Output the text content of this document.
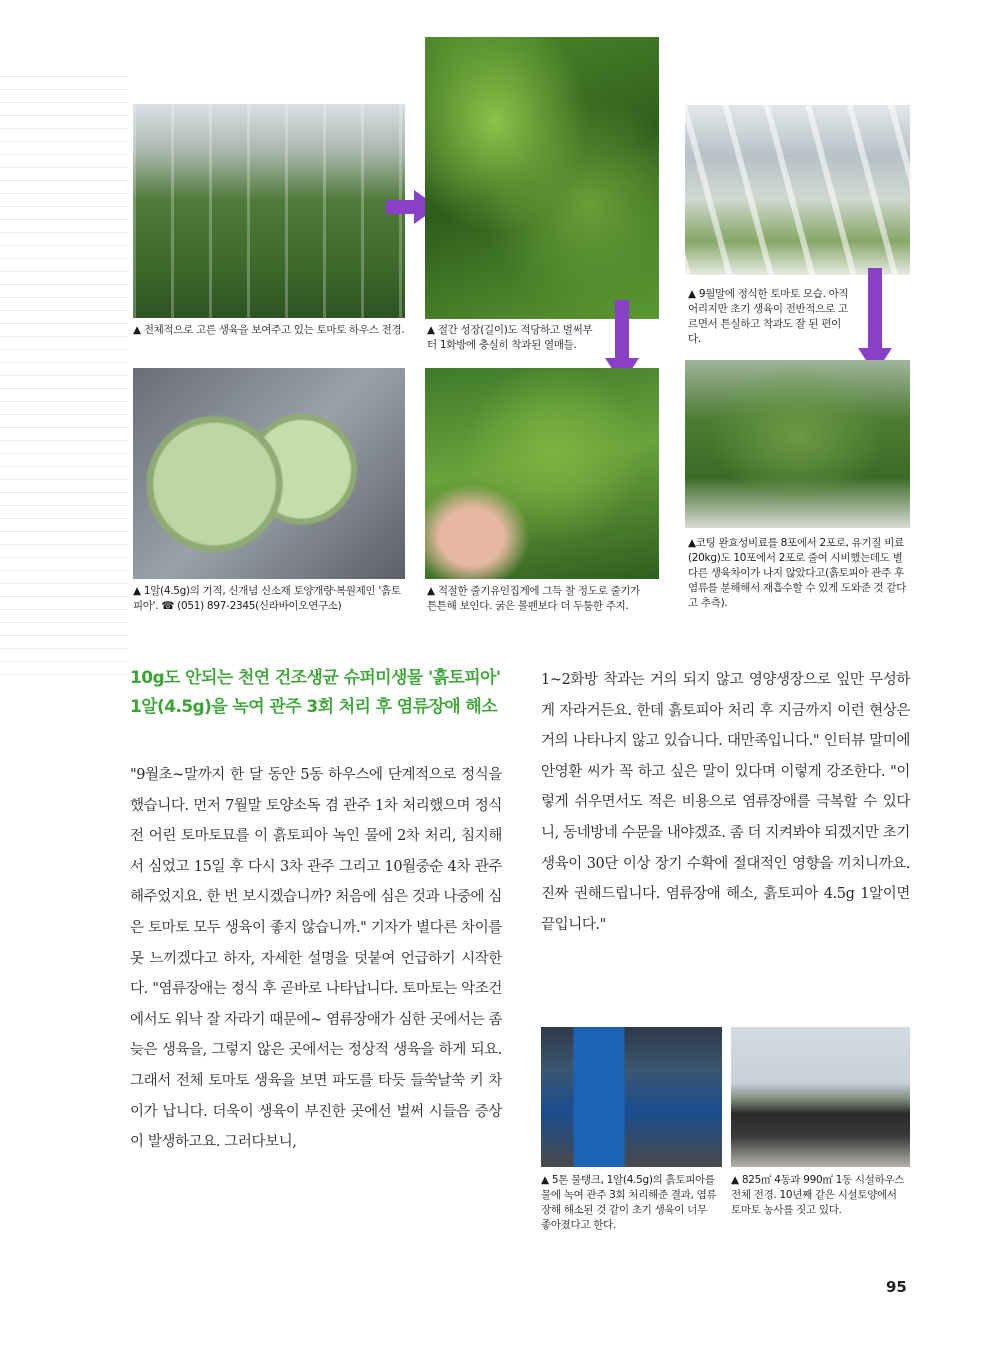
▲ 전체적으로 고른 생육을 보여주고 있는 토마토 하우스 전경.	▲ 절간 성장(길이)도 적당하고 벌써부터 1화방에 충실히 착과된 열매들.
▲ 9월말에 정식한 토마토 모습. 아직 어리지만 초기 생육이 전반적으로 고르면서 튼실하고 착과도 잘 된 편이다.
▲ 1알(4.5g)의 기적, 신개념 신소재 토양개량·복원제인 '흙토피아'. ☎ (051) 897-2345(신라바이오연구소)
▲ 적절한 줄기유인집게에 그득 찰 정도로 줄기가 튼튼해 보인다. 굵은 볼펜보다 더 두툼한 주지.
▲코팅 완효성비료를 8포에서 2포로, 유기질 비료(20kg)도 10포에서 2포로 줄여 시비했는데도 별다른 생육차이가 나지 않았다고(흙토피아 관주 후 염류를 분해해서 재흡수할 수 있게 도와준 것 같다고 추측).
10g도 안되는 천연 건조생균 슈퍼미생물 '흙토피아' 1알(4.5g)을 녹여 관주 3회 처리 후 염류장애 해소
"9월초~말까지 한 달 동안 5동 하우스에 단계적으로 정식을 했습니다. 먼저 7월말 토양소독 겸 관주 1차 처리했으며 정식 전 어린 토마토묘를 이 흙토피아 녹인 물에 2차 처리, 침지해서 심었고 15일 후 다시 3차 관주 그리고 10월중순 4차 관주해주었지요. 한 번 보시겠습니까? 처음에 심은 것과 나중에 심은 토마토 모두 생육이 좋지 않습니까." 기자가 별다른 차이를 못 느끼겠다고 하자, 자세한 설명을 덧붙여 언급하기 시작한다. "염류장애는 정식 후 곧바로 나타납니다. 토마토는 악조건에서도 워낙 잘 자라기 때문에~ 염류장애가 심한 곳에서는 좀 늦은 생육을, 그렇지 않은 곳에서는 정상적 생육을 하게 되요. 그래서 전체 토마토 생육을 보면 파도를 타듯 들쑥날쑥 키 차이가 납니다. 더욱이 생육이 부진한 곳에선 벌써 시들음 증상이 발생하고요. 그러다보니,
1~2화방 착과는 거의 되지 않고 영양생장으로 잎만 무성하게 자라거든요. 한데 흙토피아 처리 후 지금까지 이런 현상은 거의 나타나지 않고 있습니다. 대만족입니다." 인터뷰 말미에 안영환 씨가 꼭 하고 싶은 말이 있다며 이렇게 강조한다. "이렇게 쉬우면서도 적은 비용으로 염류장애를 극복할 수 있다니, 동네방네 수문을 내야겠죠. 좀 더 지켜봐야 되겠지만 초기 생육이 30단 이상 장기 수확에 절대적인 영향을 끼치니까요. 진짜 권해드립니다. 염류장애 해소, 흙토피아 4.5g 1알이면 끝입니다."
▲ 5톤 물탱크, 1알(4.5g)의 흙토피아를 물에 녹여 관주 3회 처리해준 결과, 염류장해 해소된 것 같이 초기 생육이 너무 좋아졌다고 한다.
▲ 825㎡ 4동과 990㎡ 1동 시설하우스 전체 전경. 10년째 같은 시설토양에서 토마토 농사를 짓고 있다.
95
